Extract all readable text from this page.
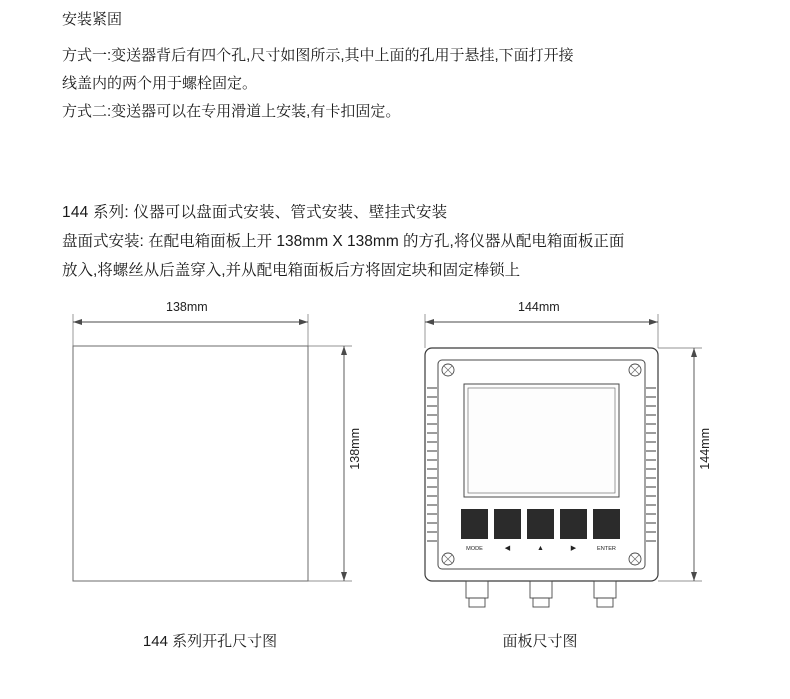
安装紧固
方式一:变送器背后有四个孔,尺寸如图所示,其中上面的孔用于悬挂,下面打开接
线盖内的两个用于螺栓固定。
方式二:变送器可以在专用滑道上安装,有卡扣固定。
144 系列: 仪器可以盘面式安装、管式安装、壁挂式安装
盘面式安装: 在配电箱面板上开 138mm X 138mm 的方孔,将仪器从配电箱面板正面
放入,将螺丝从后盖穿入,并从配电箱面板后方将固定块和固定棒锁上
138mm
138mm
144 系列开孔尺寸图
MODE	◀	▲	▶	ENTER
144mm
144mm
面板尺寸图
